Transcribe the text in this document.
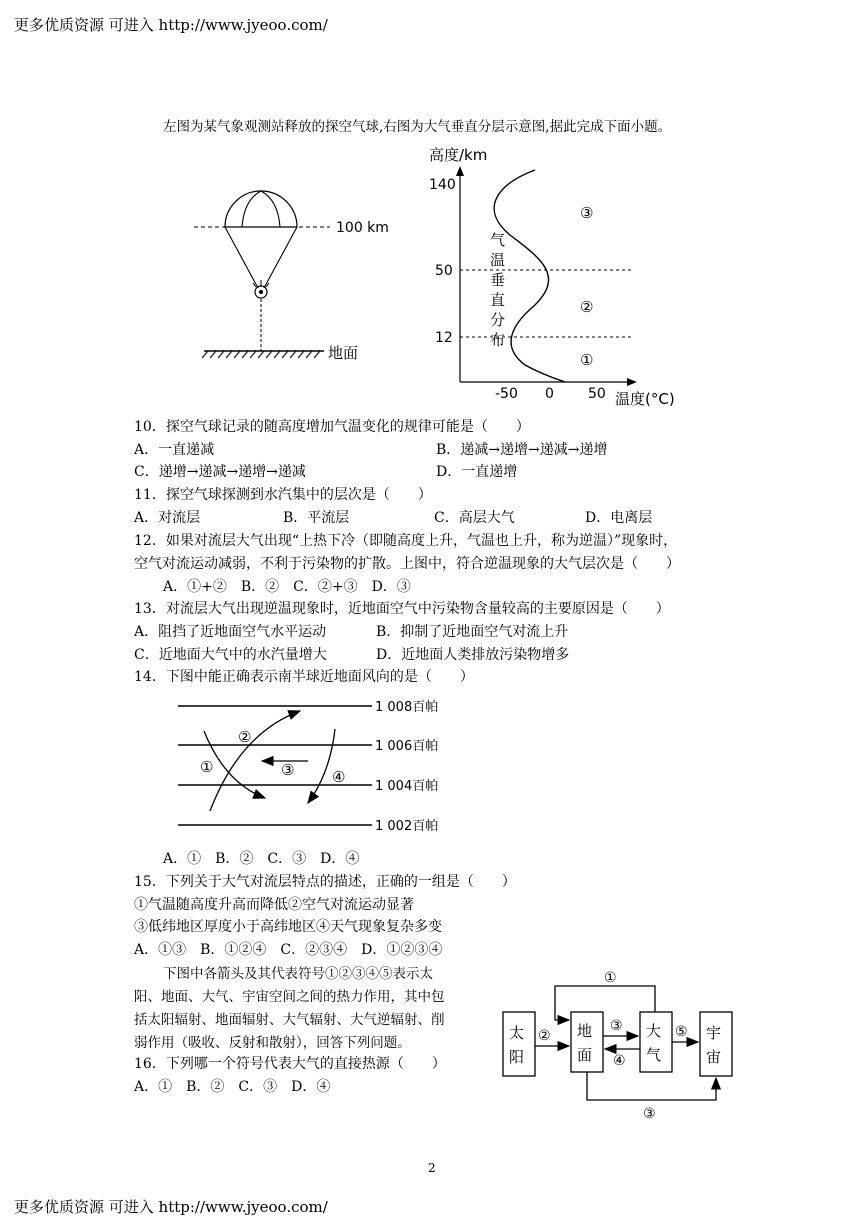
更多优质资源 可进入 http://www.jyeoo.com/
左图为某气象观测站释放的探空气球,右图为大气垂直分层示意图,据此完成下面小题。
100 km
地面
高度/km
140
50
12
气
温
垂
直
分
布
③
②
①
-50 0 50 温度(°C)
10．探空气球记录的随高度增加气温变化的规律可能是（　　）
A．一直递减	B．递减→递增→递减→递增
C．递增→递减→递增→递减	D．一直递增
11．探空气球探测到水汽集中的层次是（　　）
A．对流层	B．平流层	C．高层大气	D．电离层
12．如果对流层大气出现“上热下冷（即随高度上升，气温也上升，称为逆温）”现象时，
空气对流运动减弱，不利于污染物的扩散。上图中，符合逆温现象的大气层次是（　　）
A．①+②　B．②　C．②+③　D．③
13．对流层大气出现逆温现象时，近地面空气中污染物含量较高的主要原因是（　　）
A．阻挡了近地面空气水平运动	B．抑制了近地面空气对流上升
C．近地面大气中的水汽量增大	D．近地面人类排放污染物增多
14．下图中能正确表示南半球近地面风向的是（　　）
1 008百帕
1 006百帕
1 004百帕
1 002百帕
①
②
③	④
A．①　B．②　C．③　D．④
15．下列关于大气对流层特点的描述，正确的一组是（　　）
①气温随高度升高而降低②空气对流运动显著
③低纬地区厚度小于高纬地区④天气现象复杂多变
A．①③　B．①②④　C．②③④　D．①②③④
下图中各箭头及其代表符号①②③④⑤表示太
阳、地面、大气、宇宙空间之间的热力作用，其中包
括太阳辐射、地面辐射、大气辐射、大气逆辐射、削
弱作用（吸收、反射和散射），回答下列问题。
太
阳
地
面
大
气
宇
宙
①
②
③
④
⑤
③
16．下列哪一个符号代表大气的直接热源（　　）
A．①　B．②　C．③　D．④
2
更多优质资源 可进入 http://www.jyeoo.com/
